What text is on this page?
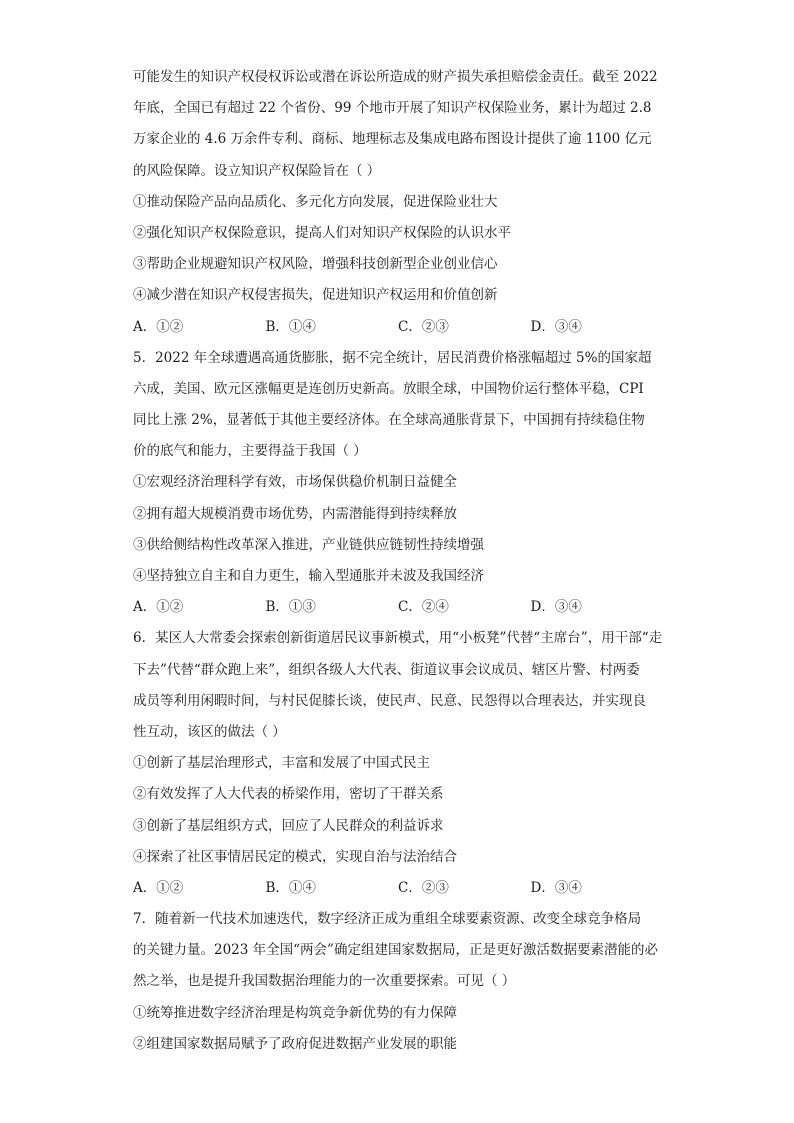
可能发生的知识产权侵权诉讼或潜在诉讼所造成的财产损失承担赔偿金责任。截至 2022
年底，全国已有超过 22 个省份、99 个地市开展了知识产权保险业务，累计为超过 2.8
万家企业的 4.6 万余件专利、商标、地理标志及集成电路布图设计提供了逾 1100 亿元
的风险保障。设立知识产权保险旨在（ ）
①推动保险产品向品质化、多元化方向发展，促进保险业壮大
②强化知识产权保险意识，提高人们对知识产权保险的认识水平
③帮助企业规避知识产权风险，增强科技创新型企业创业信心
④减少潜在知识产权侵害损失，促进知识产权运用和价值创新
A．①②	B．①④	C．②③	D．③④
5．2022 年全球遭遇高通货膨胀，据不完全统计，居民消费价格涨幅超过 5%的国家超
六成，美国、欧元区涨幅更是连创历史新高。放眼全球，中国物价运行整体平稳，CPI
同比上涨 2%，显著低于其他主要经济体。在全球高通胀背景下，中国拥有持续稳住物
价的底气和能力，主要得益于我国（ ）
①宏观经济治理科学有效，市场保供稳价机制日益健全
②拥有超大规模消费市场优势，内需潜能得到持续释放
③供给侧结构性改革深入推进，产业链供应链韧性持续增强
④坚持独立自主和自力更生，输入型通胀并未波及我国经济
A．①②	B．①③	C．②④	D．③④
6．某区人大常委会探索创新街道居民议事新模式，用“小板凳”代替“主席台”，用干部“走
下去”代替“群众跑上来”，组织各级人大代表、街道议事会议成员、辖区片警、村两委
成员等利用闲暇时间，与村民促膝长谈，使民声、民意、民怨得以合理表达，并实现良
性互动，该区的做法（ ）
①创新了基层治理形式，丰富和发展了中国式民主
②有效发挥了人大代表的桥梁作用，密切了干群关系
③创新了基层组织方式，回应了人民群众的利益诉求
④探索了社区事情居民定的模式，实现自治与法治结合
A．①②	B．①④	C．②③	D．③④
7．随着新一代技术加速迭代，数字经济正成为重组全球要素资源、改变全球竞争格局
的关键力量。2023 年全国“两会”确定组建国家数据局，正是更好激活数据要素潜能的必
然之举，也是提升我国数据治理能力的一次重要探索。可见（ ）
①统筹推进数字经济治理是构筑竞争新优势的有力保障
②组建国家数据局赋予了政府促进数据产业发展的职能
